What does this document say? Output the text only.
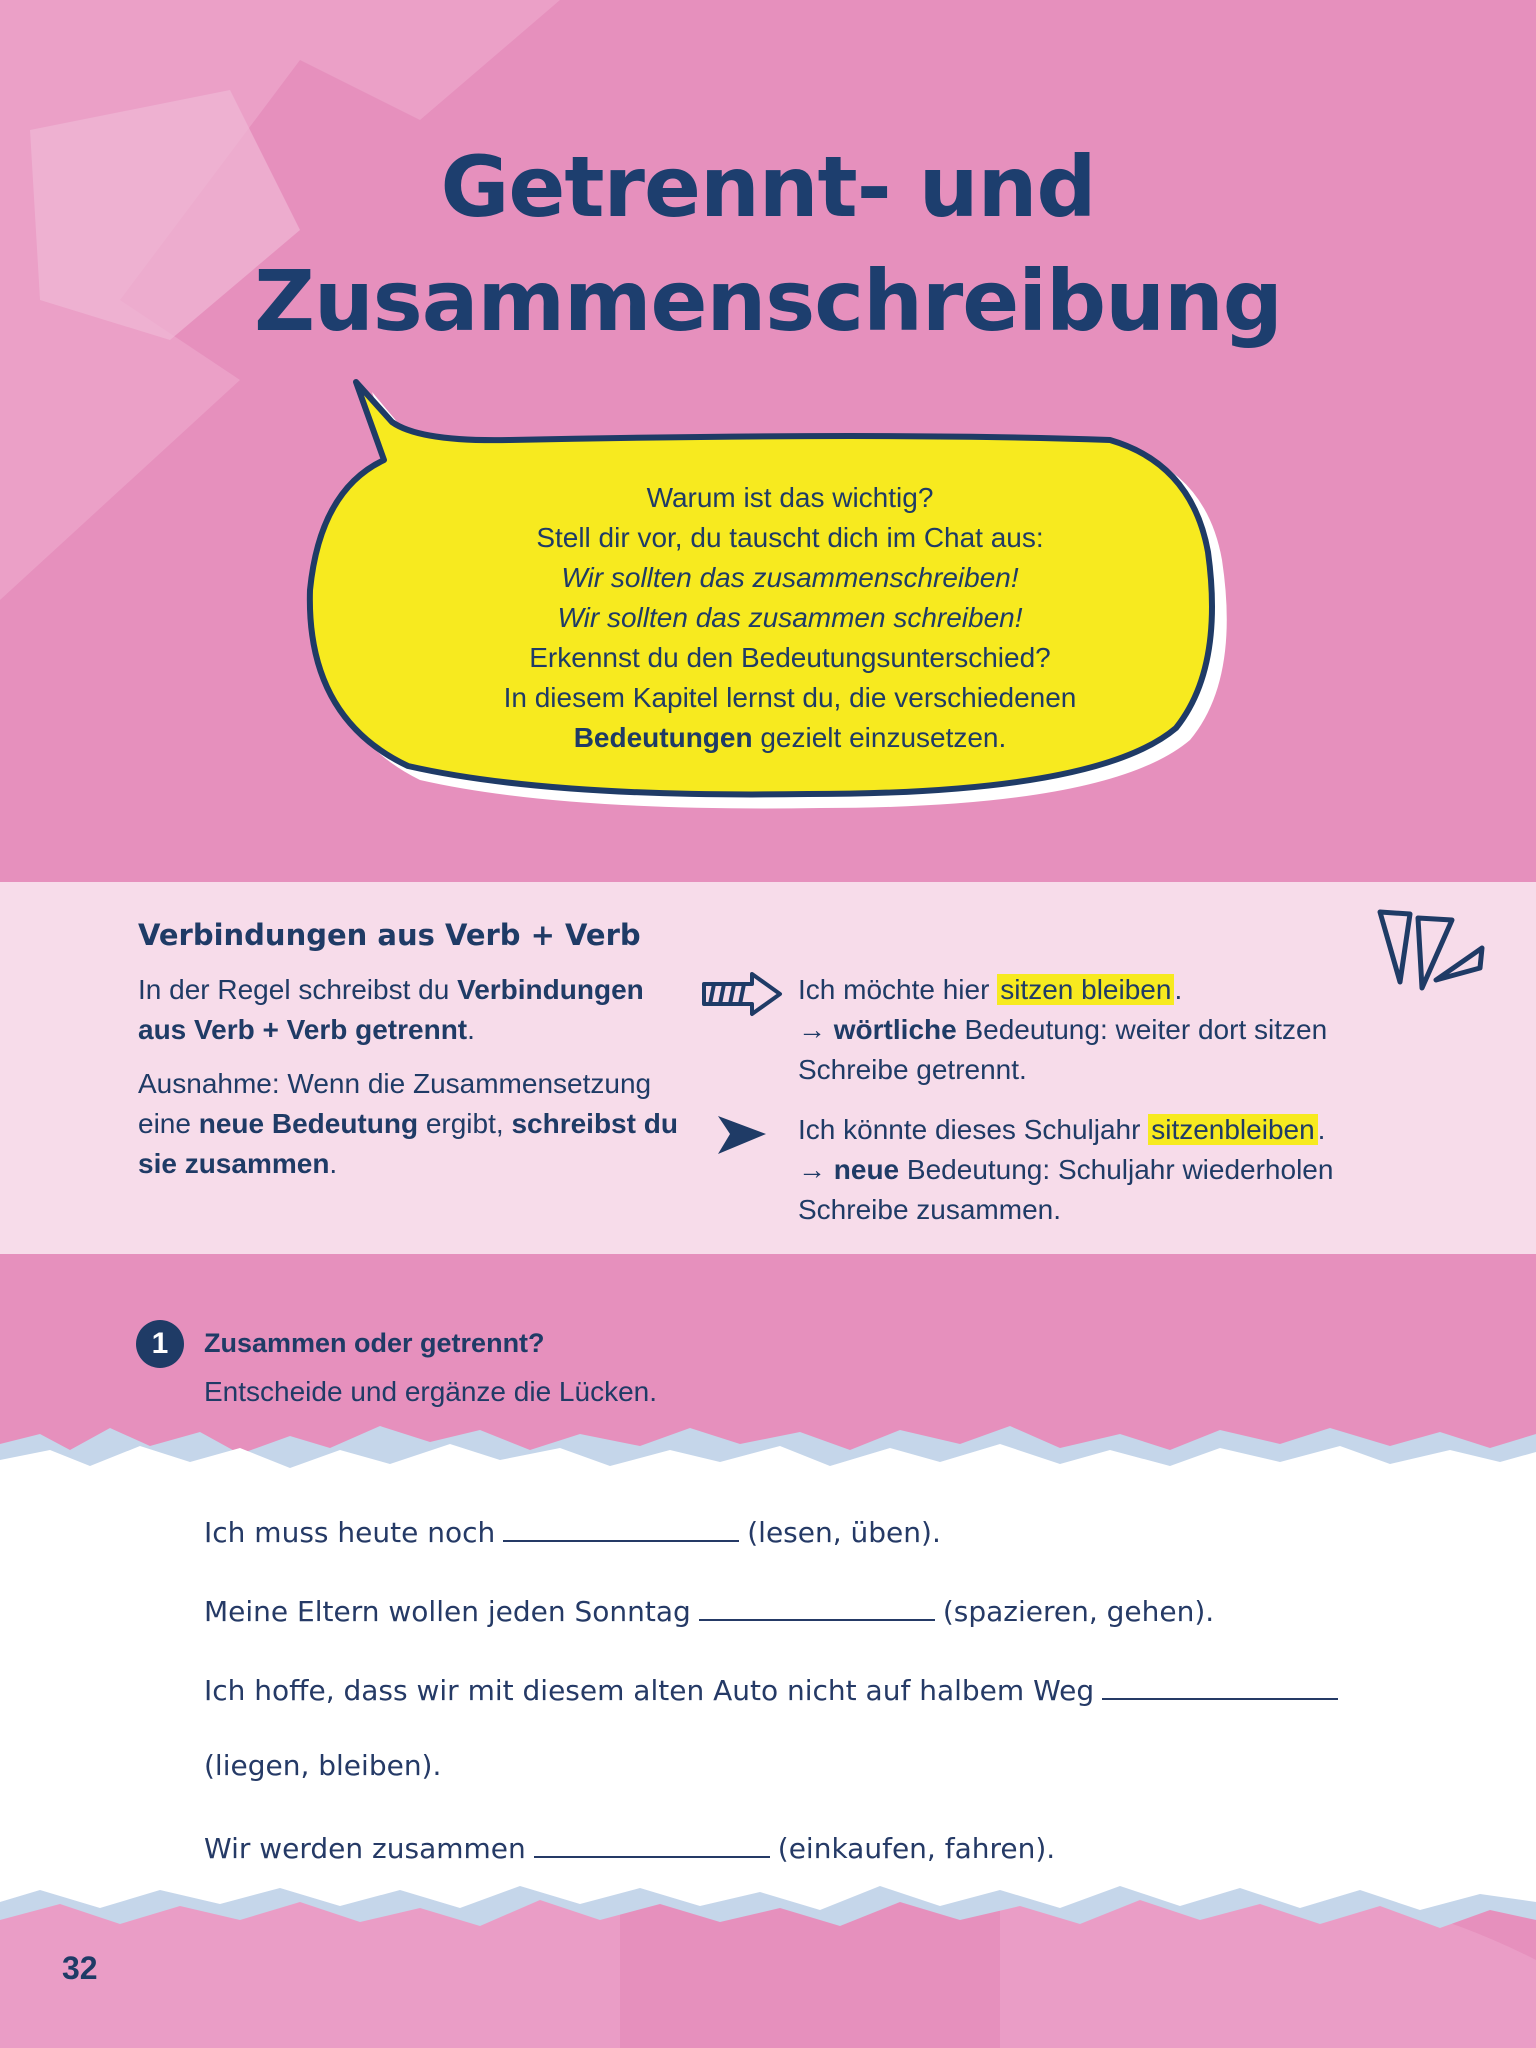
Getrennt- und
Zusammenschreibung
Warum ist das wichtig?
Stell dir vor, du tauscht dich im Chat aus:
Wir sollten das zusammenschreiben!
Wir sollten das zusammen schreiben!
Erkennst du den Bedeutungsunterschied?
In diesem Kapitel lernst du, die verschiedenen
Bedeutungen gezielt einzusetzen.
Verbindungen aus Verb + Verb

In der Regel schreibst du Verbindungen aus Verb + Verb getrennt.

Ausnahme: Wenn die Zusammensetzung eine neue Bedeutung ergibt, schreibst du sie zusammen.

Ich möchte hier sitzen bleiben .
→ wörtliche Bedeutung: weiter dort sitzen
Schreibe getrennt.
Ich könnte dieses Schuljahr sitzenbleiben .
→ neue Bedeutung: Schuljahr wiederholen
Schreibe zusammen.
1	Zusammen oder getrennt?
Entscheide und ergänze die Lücken.
Ich muss heute noch	(lesen, üben).
Meine Eltern wollen jeden Sonntag	(spazieren, gehen).
Ich hoffe, dass wir mit diesem alten Auto nicht auf halbem Weg
(liegen, bleiben).
Wir werden zusammen	(einkaufen, fahren).
32
